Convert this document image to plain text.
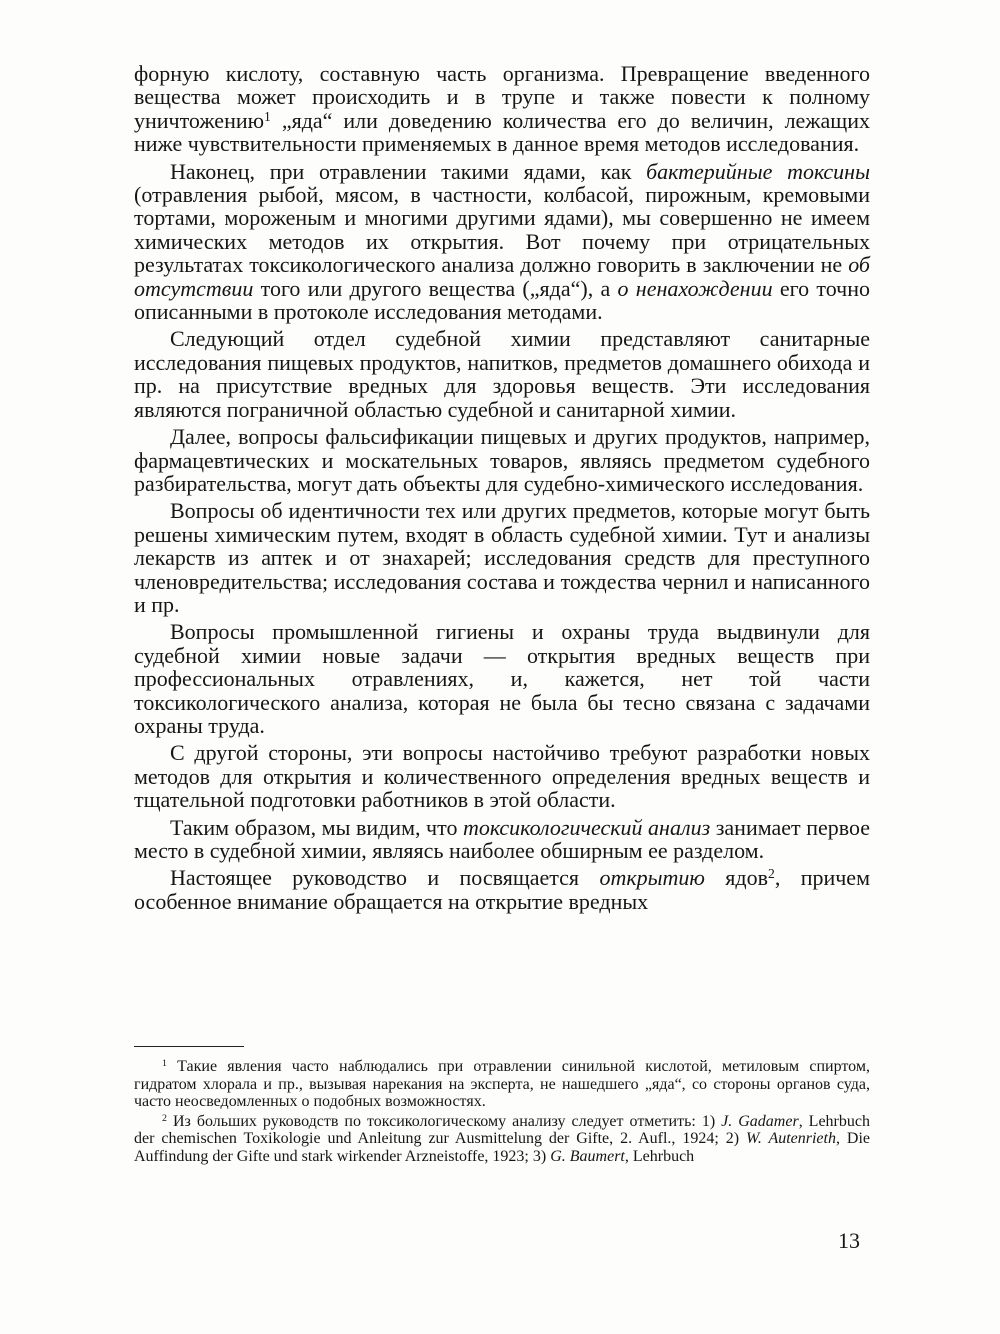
форную кислоту, составную часть организма. Превращение введенного вещества может происходить и в трупе и также повести к полному уничтожению$^1$ „яда“ или доведению количества его до величин, лежащих ниже чувствительности применяемых в данное время методов исследования.

Наконец, при отравлении такими ядами, как бактерийные токсины (отравления рыбой, мясом, в частности, колбасой, пирожным, кремовыми тортами, мороженым и многими другими ядами), мы совершенно не имеем химических методов их открытия. Вот почему при отрицательных результатах токсикологического анализа должно говорить в заключении не об отсутствии того или другого вещества („яда“), а о ненахождении его точно описанными в протоколе исследования методами.

Следующий отдел судебной химии представляют санитарные исследования пищевых продуктов, напитков, предметов домашнего обихода и пр. на присутствие вредных для здоровья веществ. Эти исследования являются пограничной областью судебной и санитарной химии.

Далее, вопросы фальсификации пищевых и других продуктов, например, фармацевтических и москательных товаров, являясь предметом судебного разбирательства, могут дать объекты для судебно-химического исследования.

Вопросы об идентичности тех или других предметов, которые могут быть решены химическим путем, входят в область судебной химии. Тут и анализы лекарств из аптек и от знахарей; исследования средств для преступного членовредительства; исследования состава и тождества чернил и написанного и пр.

Вопросы промышленной гигиены и охраны труда выдвинули для судебной химии новые задачи — открытия вредных веществ при профессиональных отравлениях, и, кажется, нет той части токсикологического анализа, которая не была бы тесно связана с задачами охраны труда.

С другой стороны, эти вопросы настойчиво требуют разработки новых методов для открытия и количественного определения вредных веществ и тщательной подготовки работников в этой области.

Таким образом, мы видим, что токсикологический анализ занимает первое место в судебной химии, являясь наиболее обширным ее разделом.

Настоящее руководство и посвящается открытию ядов$^2$, причем особенное внимание обращается на открытие вредных

$^1$ Такие явления часто наблюдались при отравлении синильной кислотой, метиловым спиртом, гидратом хлорала и пр., вызывая нарекания на эксперта, не нашедшего „яда“, со стороны органов суда, часто неосведомленных о подобных возможностях.

$^2$ Из больших руководств по токсикологическому анализу следует отметить: 1) J. Gadamer, Lehrbuch der chemischen Toxikologie und Anleitung zur Ausmittelung der Gifte, 2. Aufl., 1924; 2) W. Autenrieth, Die Auffindung der Gifte und stark wirkender Arzneistoffe, 1923; 3) G. Baumert, Lehrbuch

13
